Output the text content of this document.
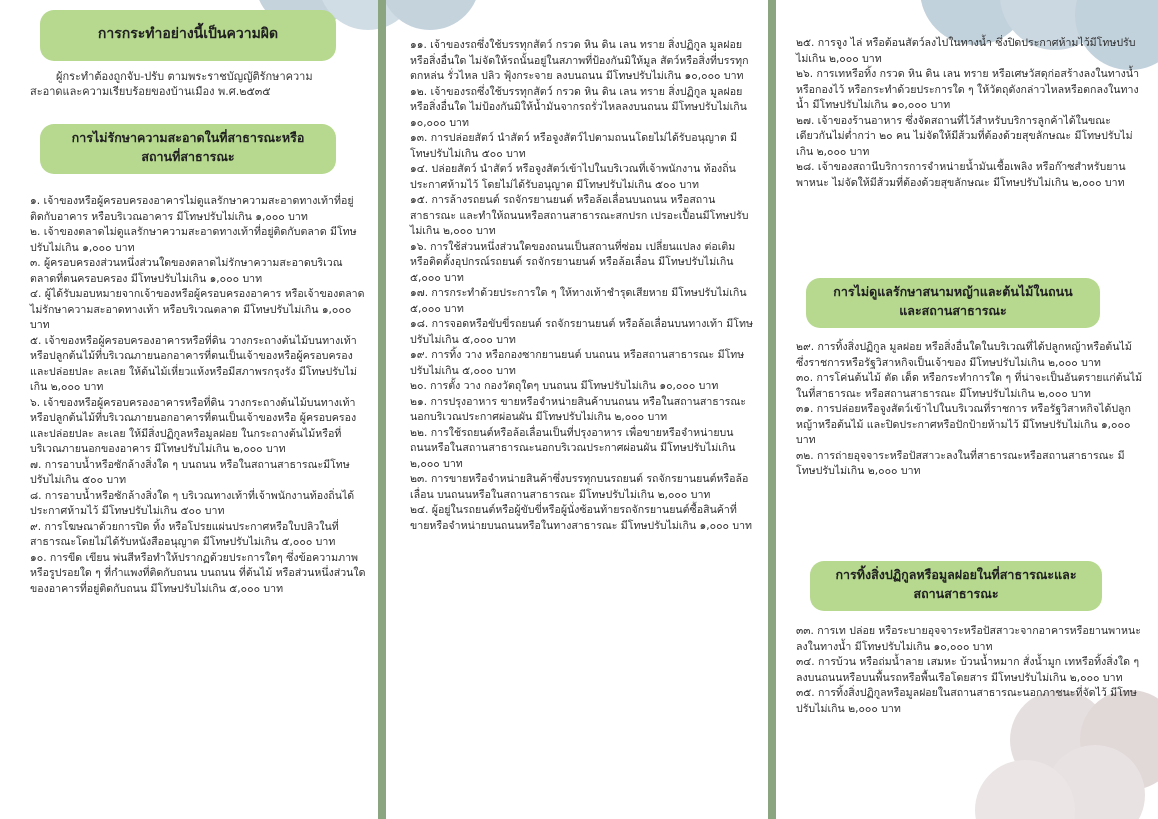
การกระทำอย่างนี้เป็นความผิด
ผู้กระทำต้องถูกจับ-ปรับ ตามพระราชบัญญัติรักษาความสะอาดและความเรียบร้อยของบ้านเมือง พ.ศ.๒๕๓๕
การไม่รักษาความสะอาดในที่สาธารณะหรือสถานที่สาธารณะ

๑. เจ้าของหรือผู้ครอบครองอาคารไม่ดูแลรักษาความสะอาดทางเท้าที่อยู่ติดกับอาคาร หรือบริเวณอาคาร มีโทษปรับไม่เกิน ๑,๐๐๐ บาท

๒. เจ้าของตลาดไม่ดูแลรักษาความสะอาดทางเท้าที่อยู่ติดกับตลาด มีโทษปรับไม่เกิน ๑,๐๐๐ บาท

๓. ผู้ครอบครองส่วนหนึ่งส่วนใดของตลาดไม่รักษาความสะอาดบริเวณตลาดที่ตนครอบครอง มีโทษปรับไม่เกิน ๑,๐๐๐ บาท

๔. ผู้ได้รับมอบหมายจากเจ้าของหรือผู้ครอบครองอาคาร หรือเจ้าของตลาดไม่รักษาความสะอาดทางเท้า หรือบริเวณตลาด มีโทษปรับไม่เกิน ๑,๐๐๐ บาท

๕. เจ้าของหรือผู้ครอบครองอาคารหรือที่ดิน วางกระถางต้นไม้บนทางเท้าหรือปลูกต้นไม้ที่บริเวณภายนอกอาคารที่ตนเป็นเจ้าของหรือผู้ครอบครอง และปล่อยปละ ละเลย ให้ต้นไม้เหี่ยวแห้งหรือมีสภาพรกรุงรัง มีโทษปรับไม่เกิน ๒,๐๐๐ บาท

๖. เจ้าของหรือผู้ครอบครองอาคารหรือที่ดิน วางกระถางต้นไม้บนทางเท้าหรือปลูกต้นไม้ที่บริเวณภายนอกอาคารที่ตนเป็นเจ้าของหรือ ผู้ครอบครอง และปล่อยปละ ละเลย ให้มีสิ่งปฏิกูลหรือมูลฝอย ในกระถางต้นไม้หรือที่บริเวณภายนอกของอาคาร มีโทษปรับไม่เกิน ๒,๐๐๐ บาท

๗. การอาบน้ำหรือซักล้างสิ่งใด ๆ บนถนน หรือในสถานสาธารณะมีโทษปรับไม่เกิน ๕๐๐ บาท

๘. การอาบน้ำหรือซักล้างสิ่งใด ๆ บริเวณทางเท้าที่เจ้าพนักงานท้องถิ่นได้ประกาศห้ามไว้ มีโทษปรับไม่เกิน ๕๐๐ บาท

๙. การโฆษณาด้วยการปิด ทิ้ง หรือโปรยแผ่นประกาศหรือใบปลิวในที่สาธารณะโดยไม่ได้รับหนังสืออนุญาต มีโทษปรับไม่เกิน ๕,๐๐๐ บาท

๑๐. การขีด เขียน พ่นสีหรือทำให้ปรากฏด้วยประการใดๆ ซึ่งข้อความภาพ หรือรูปรอยใด ๆ ที่กำแพงที่ติดกับถนน บนถนน ที่ต้นไม้ หรือส่วนหนึ่งส่วนใดของอาคารที่อยู่ติดกับถนน มีโทษปรับไม่เกิน ๕,๐๐๐ บาท

๑๑. เจ้าของรถซึ่งใช้บรรทุกสัตว์ กรวด หิน ดิน เลน ทราย สิ่งปฏิกูล มูลฝอย หรือสิ่งอื่นใด ไม่จัดให้รถนั้นอยู่ในสภาพที่ป้องกันมิให้มูล สัตว์หรือสิ่งที่บรรทุกตกหล่น รั่วไหล ปลิว ฟุ้งกระจาย ลงบนถนน มีโทษปรับไม่เกิน ๑๐,๐๐๐ บาท

๑๒. เจ้าของรถซึ่งใช้บรรทุกสัตว์ กรวด หิน ดิน เลน ทราย สิ่งปฏิกูล มูลฝอย หรือสิ่งอื่นใด ไม่ป้องกันมิให้น้ำมันจากรถรั่วไหลลงบนถนน มีโทษปรับไม่เกิน ๑๐,๐๐๐ บาท

๑๓. การปล่อยสัตว์ นำสัตว์ หรือจูงสัตว์ไปตามถนนโดยไม่ได้รับอนุญาต มีโทษปรับไม่เกิน ๕๐๐ บาท

๑๔. ปล่อยสัตว์ นำสัตว์ หรือจูงสัตว์เข้าไปในบริเวณที่เจ้าพนักงาน ท้องถิ่นประกาศห้ามไว้ โดยไม่ได้รับอนุญาต มีโทษปรับไม่เกิน ๕๐๐ บาท

๑๕. การล้างรถยนต์ รถจักรยานยนต์ หรือล้อเลื่อนบนถนน หรือสถานสาธารณะ และทำให้ถนนหรือสถานสาธารณะสกปรก เปรอะเปื้อนมีโทษปรับไม่เกิน ๒,๐๐๐ บาท

๑๖. การใช้ส่วนหนึ่งส่วนใดของถนนเป็นสถานที่ซ่อม เปลี่ยนแปลง ต่อเติม หรือติดตั้งอุปกรณ์รถยนต์ รถจักรยานยนต์ หรือล้อเลื่อน มีโทษปรับไม่เกิน ๕,๐๐๐ บาท

๑๗. การกระทำด้วยประการใด ๆ ให้ทางเท้าชำรุดเสียหาย มีโทษปรับไม่เกิน ๕,๐๐๐ บาท

๑๘. การจอดหรือขับขี่รถยนต์ รถจักรยานยนต์ หรือล้อเลื่อนบนทางเท้า มีโทษปรับไม่เกิน ๕,๐๐๐ บาท

๑๙. การทิ้ง วาง หรือกองซากยานยนต์ บนถนน หรือสถานสาธารณะ มีโทษปรับไม่เกิน ๕,๐๐๐ บาท

๒๐. การตั้ง วาง กองวัตถุใดๆ บนถนน มีโทษปรับไม่เกิน ๑๐,๐๐๐ บาท

๒๑. การปรุงอาหาร ขายหรือจำหน่ายสินค้าบนถนน หรือในสถานสาธารณะนอกบริเวณประกาศผ่อนผัน มีโทษปรับไม่เกิน ๒,๐๐๐ บาท

๒๒. การใช้รถยนต์หรือล้อเลื่อนเป็นที่ปรุงอาหาร เพื่อขายหรือจำหน่ายบนถนนหรือในสถานสาธารณะนอกบริเวณประกาศผ่อนผัน มีโทษปรับไม่เกิน ๒,๐๐๐ บาท

๒๓. การขายหรือจำหน่ายสินค้าซึ่งบรรทุกบนรถยนต์ รถจักรยานยนต์หรือล้อเลื่อน บนถนนหรือในสถานสาธารณะ มีโทษปรับไม่เกิน ๒,๐๐๐ บาท

๒๔. ผู้อยู่ในรถยนต์หรือผู้ขับขี่หรือผู้นั่งซ้อนท้ายรถจักรยานยนต์ซื้อสินค้าที่ขายหรือจำหน่ายบนถนนหรือในทางสาธารณะ มีโทษปรับไม่เกิน ๑,๐๐๐ บาท

๒๕. การจูง ไล่ หรือต้อนสัตว์ลงไปในทางน้ำ ซึ่งปิดประกาศห้ามไว้มีโทษปรับไม่เกิน ๒,๐๐๐ บาท

๒๖. การเทหรือทิ้ง กรวด หิน ดิน เลน ทราย หรือเศษวัสดุก่อสร้างลงในทางน้ำ หรือกองไว้ หรือกระทำด้วยประการใด ๆ ให้วัตถุดังกล่าวไหลหรือตกลงในทางน้ำ มีโทษปรับไม่เกิน ๑๐,๐๐๐ บาท

๒๗. เจ้าของร้านอาหาร ซึ่งจัดสถานที่ไว้สำหรับบริการลูกค้าได้ในขณะเดียวกันไม่ต่ำกว่า ๒๐ คน ไม่จัดให้มีส้วมที่ต้องด้วยสุขลักษณะ มีโทษปรับไม่เกิน ๒,๐๐๐ บาท

๒๘. เจ้าของสถานีบริการการจำหน่ายน้ำมันเชื้อเพลิง หรือก๊าซสำหรับยานพาหนะ ไม่จัดให้มีส้วมที่ต้องด้วยสุขลักษณะ มีโทษปรับไม่เกิน ๒,๐๐๐ บาท

การไม่ดูแลรักษาสนามหญ้าและต้นไม้ในถนนและสถานสาธารณะ

๒๙. การทิ้งสิ่งปฏิกูล มูลฝอย หรือสิ่งอื่นใดในบริเวณที่ได้ปลูกหญ้าหรือต้นไม้ ซึ่งราชการหรือรัฐวิสาหกิจเป็นเจ้าของ มีโทษปรับไม่เกิน ๒,๐๐๐ บาท

๓๐. การโค่นต้นไม้ ตัด เด็ด หรือกระทำการใด ๆ ที่น่าจะเป็นอันตรายแก่ต้นไม้ในที่สาธารณะ หรือสถานสาธารณะ มีโทษปรับไม่เกิน ๒,๐๐๐ บาท

๓๑. การปล่อยหรือจูงสัตว์เข้าไปในบริเวณที่ราชการ หรือรัฐวิสาหกิจได้ปลูกหญ้าหรือต้นไม้ และปิดประกาศหรือปักป้ายห้ามไว้ มีโทษปรับไม่เกิน ๑,๐๐๐ บาท

๓๒. การถ่ายอุจจาระหรือปัสสาวะลงในที่สาธารณะหรือสถานสาธารณะ มีโทษปรับไม่เกิน ๒,๐๐๐ บาท

การทิ้งสิ่งปฏิกูลหรือมูลฝอยในที่สาธารณะและสถานสาธารณะ

๓๓. การเท ปล่อย หรือระบายอุจจาระหรือปัสสาวะจากอาคารหรือยานพาหนะลงในทางน้ำ มีโทษปรับไม่เกิน ๑๐,๐๐๐ บาท

๓๔. การบ้วน หรือถ่มน้ำลาย เสมหะ บ้วนน้ำหมาก สั่งน้ำมูก เทหรือทิ้งสิ่งใด ๆ ลงบนถนนหรือบนพื้นรถหรือพื้นเรือโดยสาร มีโทษปรับไม่เกิน ๒,๐๐๐ บาท

๓๕. การทิ้งสิ่งปฏิกูลหรือมูลฝอยในสถานสาธารณะนอกภาชนะที่จัดไว้ มีโทษปรับไม่เกิน ๒,๐๐๐ บาท
